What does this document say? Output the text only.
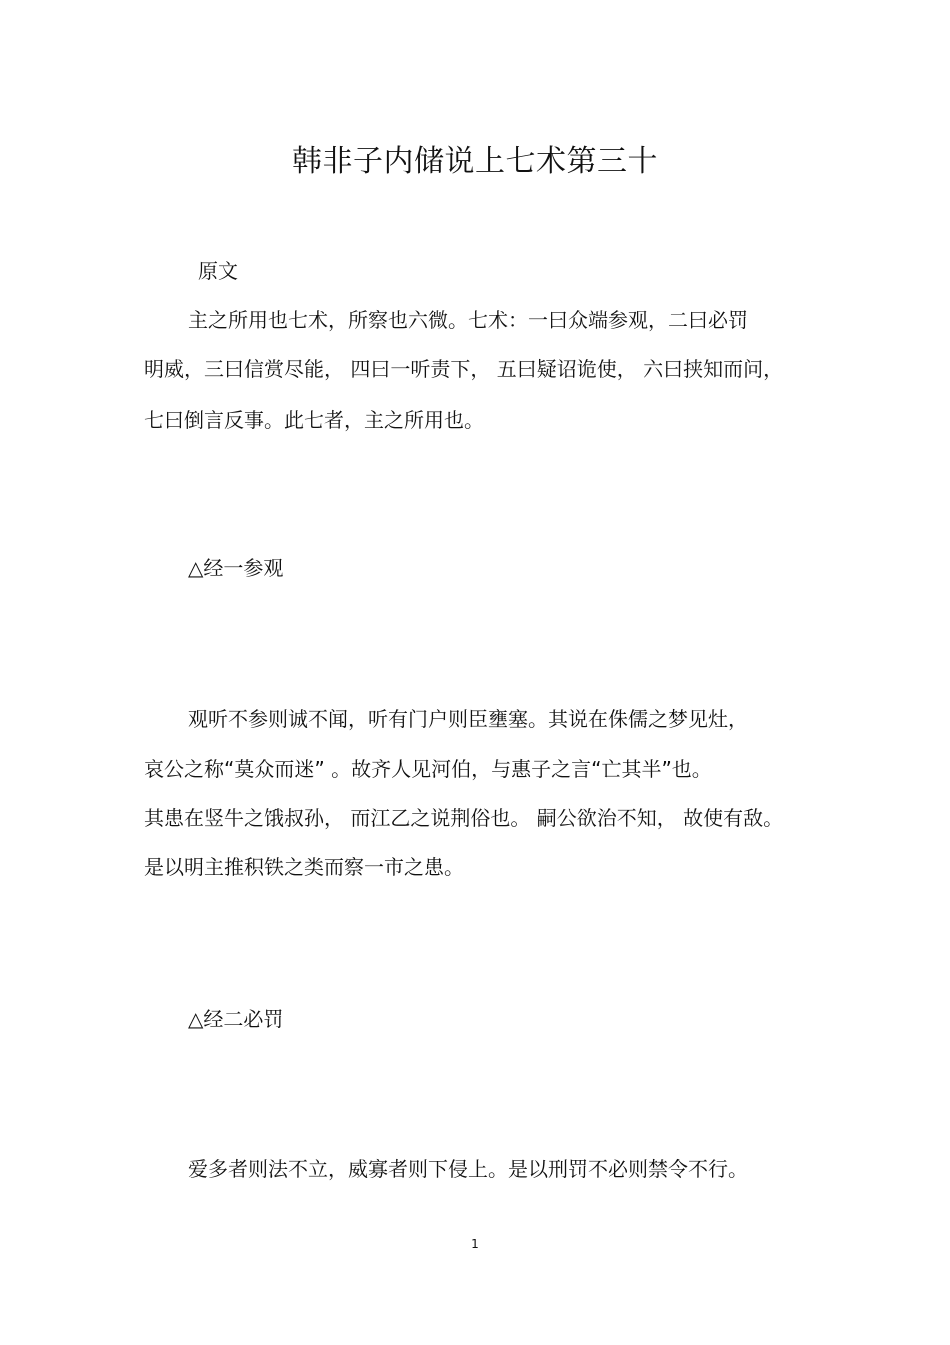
韩非子内储说上七术第三十
原文
主之所用也七术，所察也六微。七术：一曰众端参观，二曰必罚
明威，三曰信赏尽能， 四曰一听责下， 五曰疑诏诡使， 六曰挟知而问，
七曰倒言反事。此七者，主之所用也。
△经一参观
观听不参则诚不闻，听有门户则臣壅塞。其说在侏儒之梦见灶，
哀公之称“莫众而迷” 。故齐人见河伯，与惠子之言“亡其半”也。
其患在竖牛之饿叔孙， 而江乙之说荆俗也。 嗣公欲治不知， 故使有敌。
是以明主推积铁之类而察一市之患。
△经二必罚
爱多者则法不立，威寡者则下侵上。是以刑罚不必则禁令不行。
1
